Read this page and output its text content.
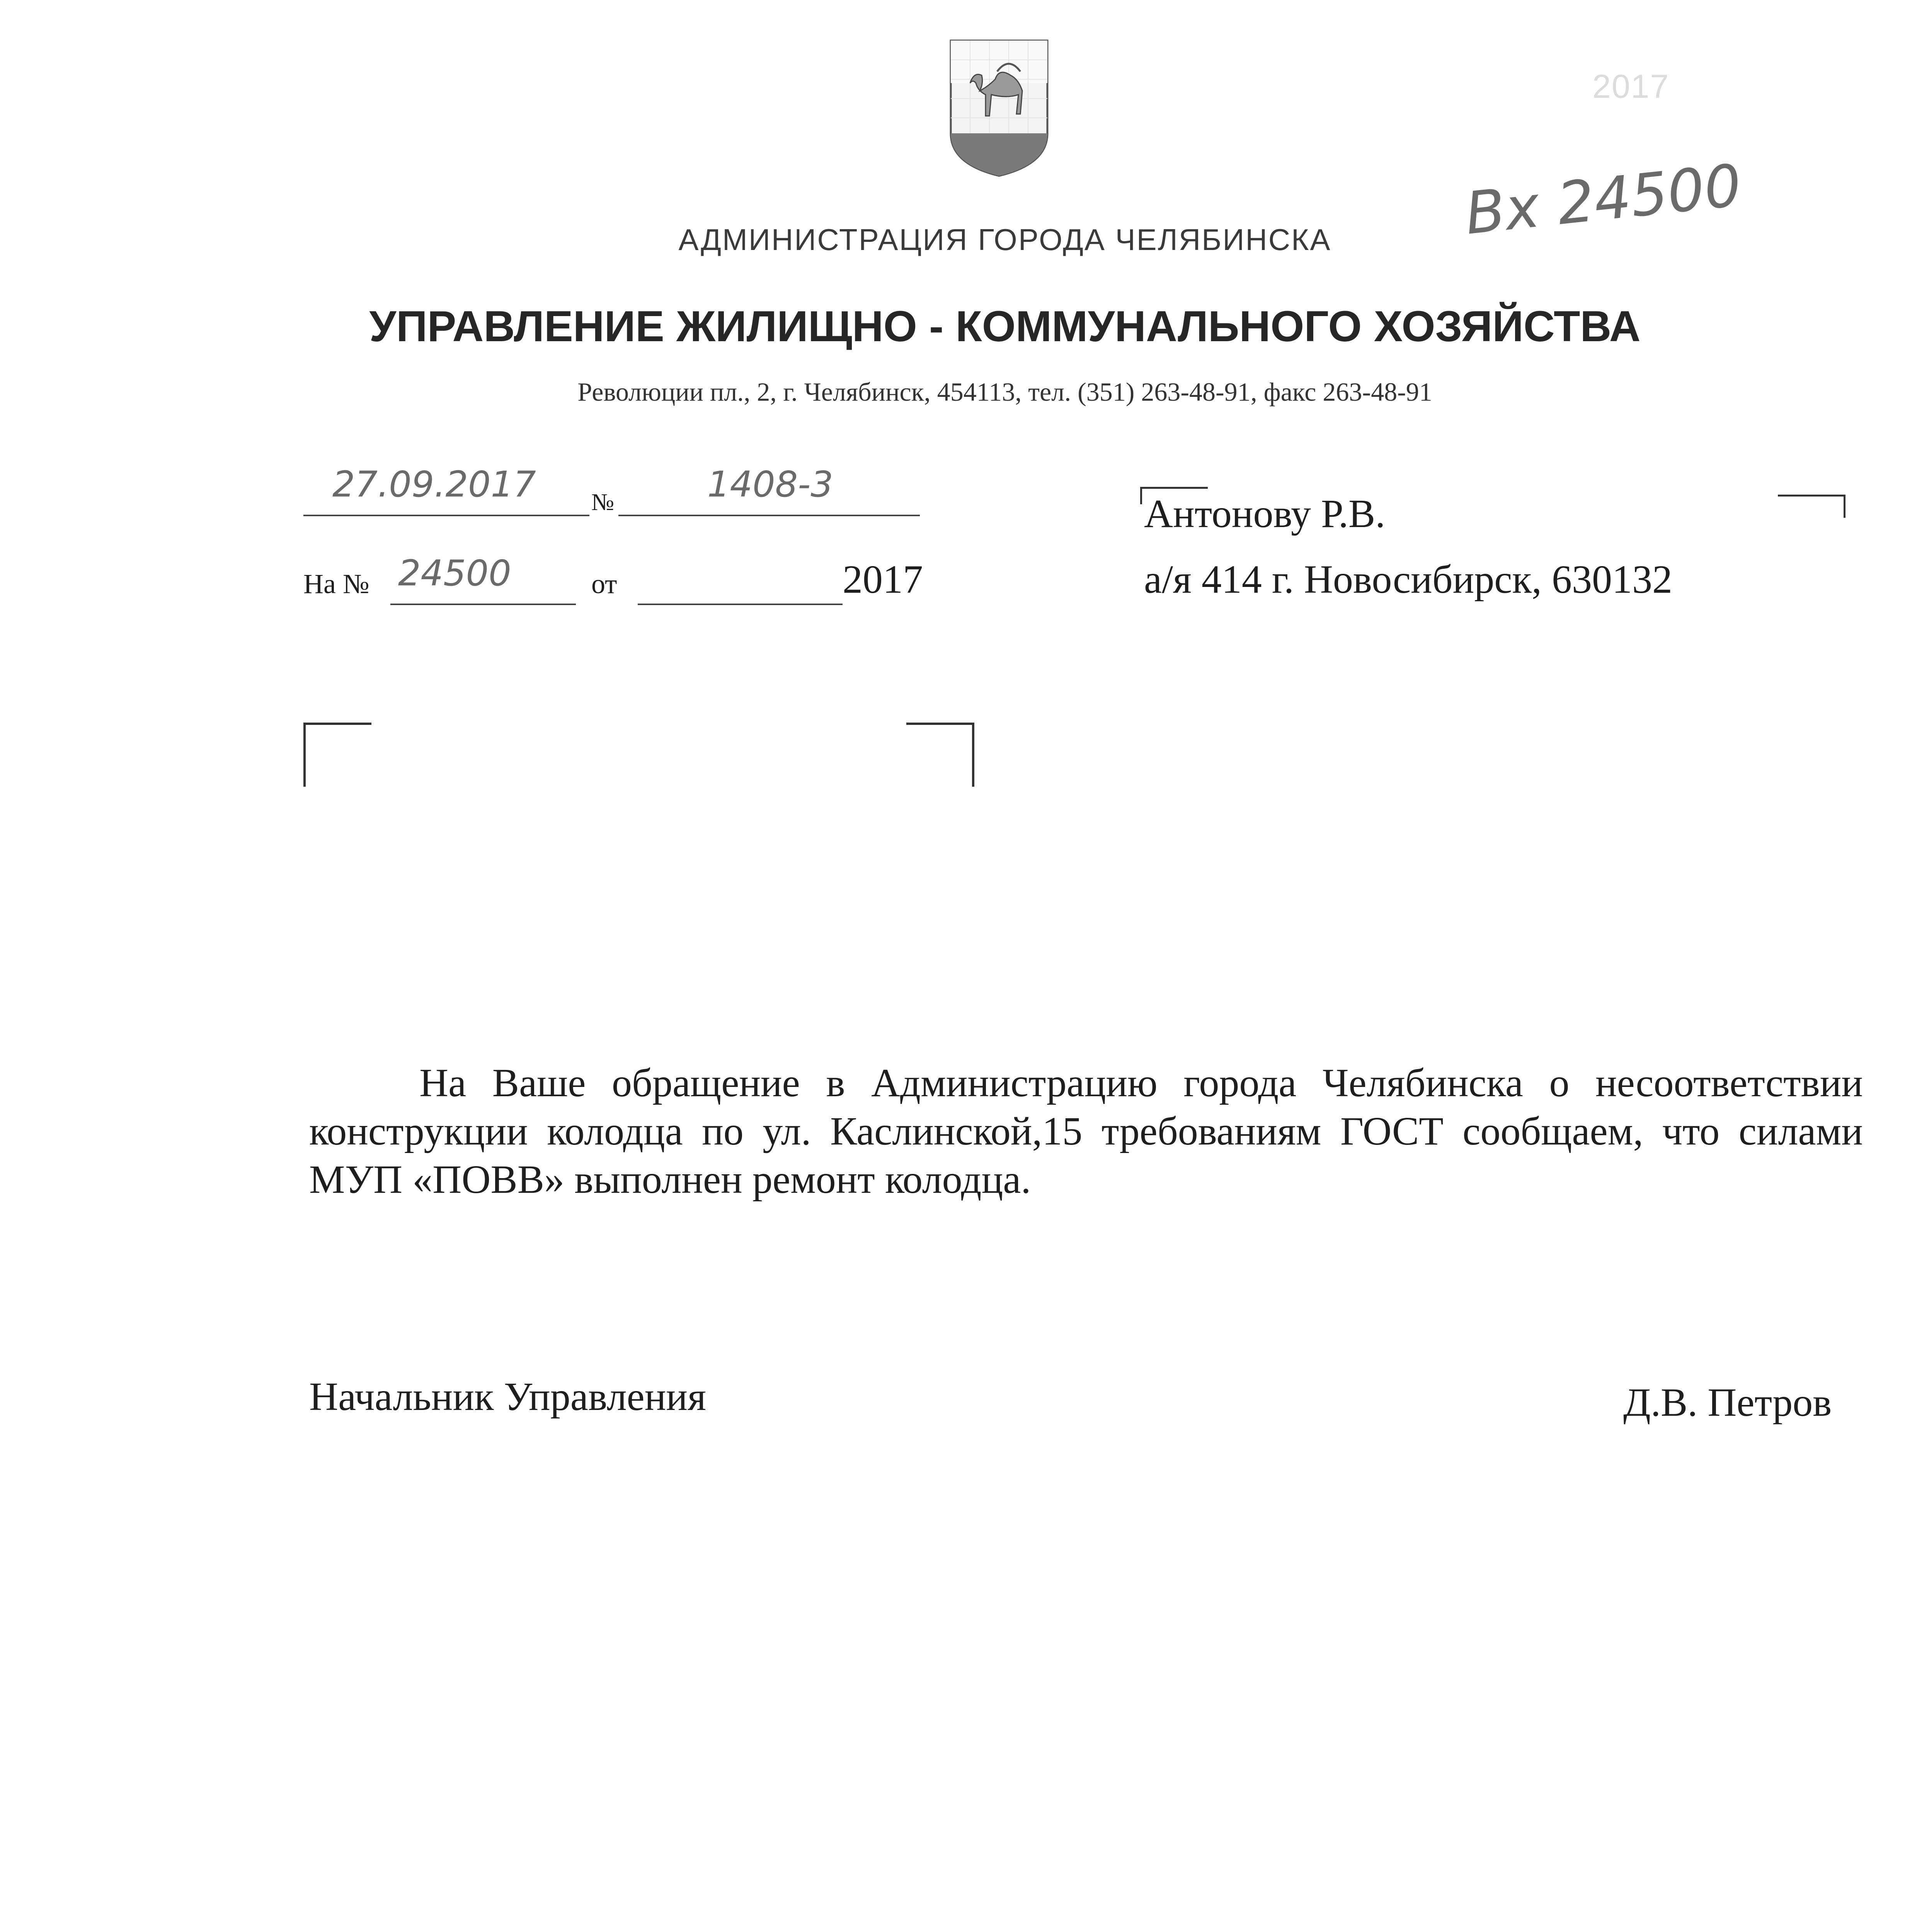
2017
Вх 24500
АДМИНИСТРАЦИЯ ГОРОДА ЧЕЛЯБИНСКА
УПРАВЛЕНИЕ ЖИЛИЩНО - КОММУНАЛЬНОГО ХОЗЯЙСТВА
Революции пл., 2, г. Челябинск, 454113, тел. (351) 263-48-91, факс 263-48-91
27.09.2017 №	1408-3
На № 24500	от	2017
Антонову Р.В.
а/я 414 г. Новосибирск, 630132
На Ваше обращение в Администрацию города Челябинска о несоответствии конструкции колодца по ул. Каслинской,15 требованиям ГОСТ сообщаем, что силами МУП «ПОВВ» выполнен ремонт колодца.
Начальник Управления	Д.В. Петров
